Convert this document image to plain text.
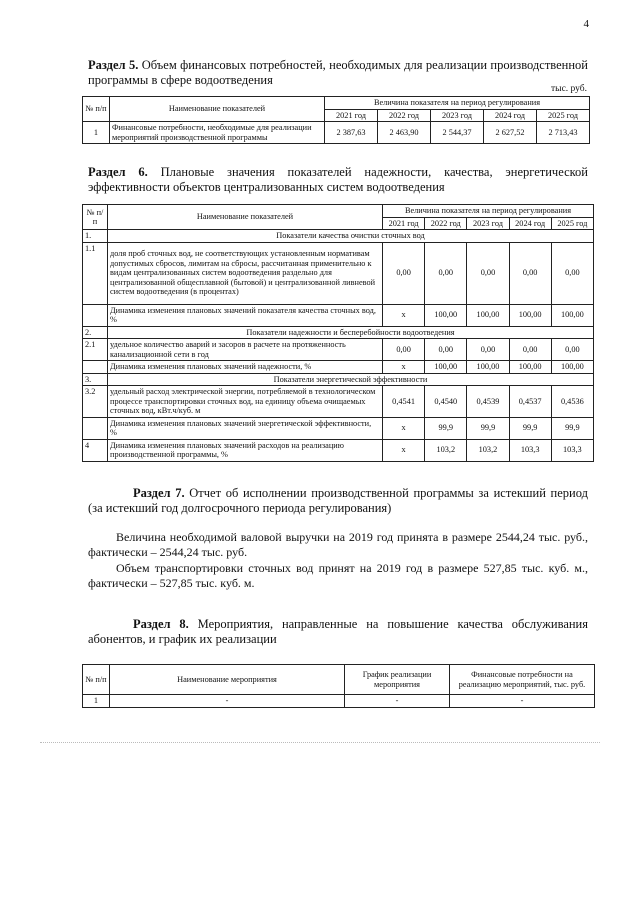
4
Раздел 5. Объем финансовых потребностей, необходимых для реализации производственной программы в сфере водоотведения
тыс. руб.
№ п/п	Наименование показателей	Величина показателя на период регулирования				
		2021 год	2022 год	2023 год	2024 год	2025 год
1	Финансовые потребности, необходимые для реализации мероприятий производственной программы	2 387,63	2 463,90	2 544,37	2 627,52	2 713,43
Раздел 6. Плановые значения показателей надежности, качества, энергетической эффективности объектов централизованных систем водоотведения
№ п/п	Наименование показателей	Величина показателя на период регулирования				
		2021 год	2022 год	2023 год	2024 год	2025 год
1.	Показатели качества очистки сточных вод					
1.1	доля проб сточных вод, не соответствующих установленным нормативам допустимых сбросов, лимитам на сбросы, рассчитанная применительно к видам централизованных систем водоотведения раздельно для централизованной общесплавной (бытовой) и централизованной ливневой систем водоотведения (в процентах)	0,00	0,00	0,00	0,00	0,00
	Динамика изменения плановых значений показателя качества сточных вод, %	х	100,00	100,00	100,00	100,00
2.	Показатели надежности и бесперебойности водоотведения					
2.1	удельное количество аварий и засоров в расчете на протяженность канализационной сети в год	0,00	0,00	0,00	0,00	0,00
	Динамика изменения плановых значений надежности, %	х	100,00	100,00	100,00	100,00
3.	Показатели энергетической эффективности					
3.2	удельный расход электрической энергии, потребляемой в технологическом процессе транспортировки сточных вод, на единицу объема очищаемых сточных вод, кВт.ч/куб. м	0,4541	0,4540	0,4539	0,4537	0,4536
	Динамика изменения плановых значений энергетической эффективности, %	х	99,9	99,9	99,9	99,9
4	Динамика изменения плановых значений расходов на реализацию производственной программы, %	х	103,2	103,2	103,3	103,3
Раздел 7. Отчет об исполнении производственной программы за истекший период (за истекший год долгосрочного периода регулирования)
Величина необходимой валовой выручки на 2019 год принята в размере 2544,24 тыс. руб., фактически – 2544,24 тыс. руб.
Объем транспортировки сточных вод принят на 2019 год в размере 527,85 тыс. куб. м., фактически – 527,85 тыс. куб. м.
Раздел 8. Мероприятия, направленные на повышение качества обслуживания абонентов, и график их реализации
№ п/п	Наименование мероприятия	График реализации мероприятия	Финансовые потребности на реализацию мероприятий, тыс. руб.
1	-	-	-
